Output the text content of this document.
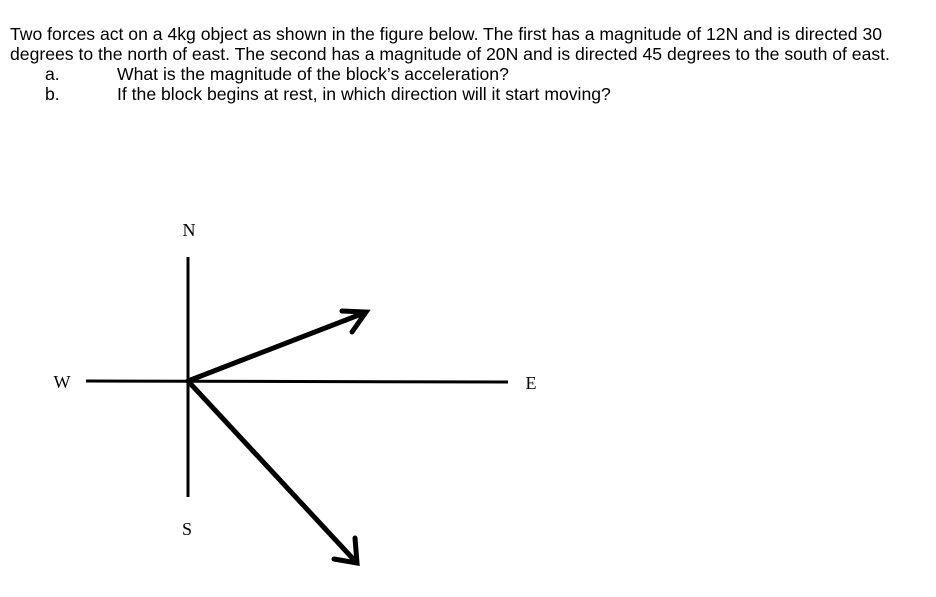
Two forces act on a 4kg object as shown in the figure below. The first has a magnitude of 12N and is directed 30 degrees to the north of east. The second has a magnitude of 20N and is directed 45 degrees to the south of east.

a.	What is the magnitude of the block’s acceleration?
b.	If the block begins at rest, in which direction will it start moving?
N
S
E
W
